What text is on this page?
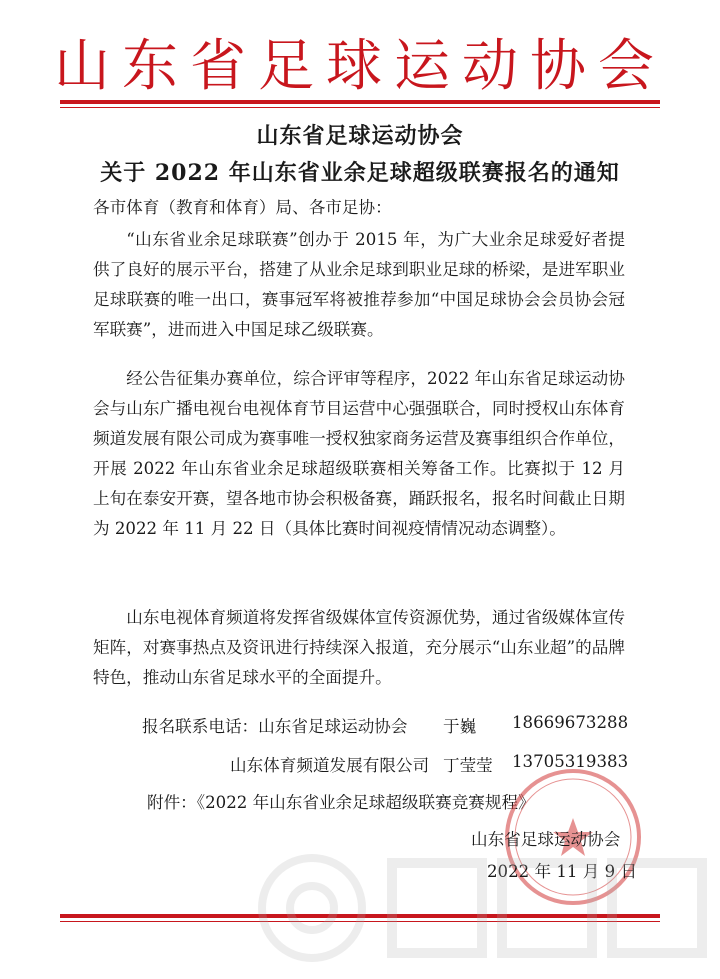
山东省足球运动协会
山东省足球运动协会
关于 2022 年山东省业余足球超级联赛报名的通知
各市体育（教育和体育）局、各市足协：
“山东省业余足球联赛”创办于 2015 年，为广大业余足球爱好者提供了良好的展示平台，搭建了从业余足球到职业足球的桥梁，是进军职业足球联赛的唯一出口，赛事冠军将被推荐参加“中国足球协会会员协会冠军联赛”，进而进入中国足球乙级联赛。
经公告征集办赛单位，综合评审等程序，2022 年山东省足球运动协会与山东广播电视台电视体育节目运营中心强强联合，同时授权山东体育频道发展有限公司成为赛事唯一授权独家商务运营及赛事组织合作单位，开展 2022 年山东省业余足球超级联赛相关筹备工作。比赛拟于 12 月上旬在泰安开赛，望各地市协会积极备赛，踊跃报名，报名时间截止日期为 2022 年 11 月 22 日（具体比赛时间视疫情情况动态调整）。
山东电视体育频道将发挥省级媒体宣传资源优势，通过省级媒体宣传矩阵，对赛事热点及资讯进行持续深入报道，充分展示“山东业超”的品牌特色，推动山东省足球水平的全面提升。
报名联系电话：山东省足球运动协会 于巍 18669673288
山东体育频道发展有限公司 丁莹莹 13705319383
附件：《2022 年山东省业余足球超级联赛竞赛规程》
山东省足球运动协会
2022 年 11 月 9 日
